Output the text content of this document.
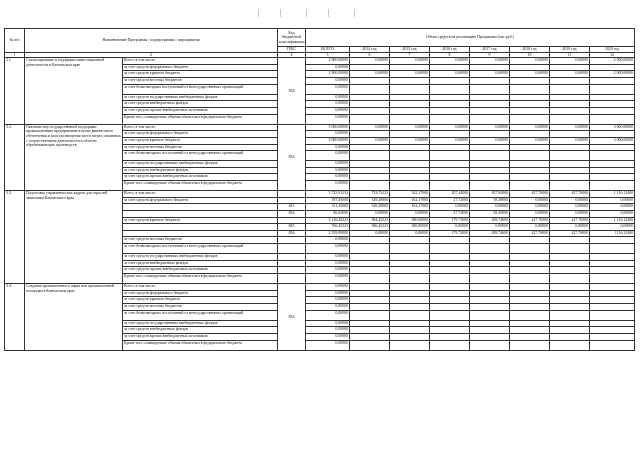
№ п/п	Наименование Программы / подпрограммы / мероприятия		Код бюджетной классификации	Объем средств на реализацию Программы (тыс.руб.)							
			ГРБС	ВСЕГО	2014 год	2015 год	2016 год	2017 год	2018 год	2019 год	2020 год
1	2		4	5	6	7	8	9	10	11	12
3.1.	Стимулирование и поддержка инвестиционной деятельности в Камчатском крае	Всего, в том числе:	854	2 900,00000	0,00000	0,00000	0,00000	0,00000	0,00000	0,00000	2 900,00000
		за счет средств федерального бюджета		0,00000							
		за счет средств краевого бюджета		2 900,00000	0,00000	0,00000	0,00000	0,00000	0,00000	0,00000	2 900,00000
		за счет средств местных бюджетов		0,00000							
		за счет безвозмездных поступлений от негосударственных организаций		0,00000							
		за счет средств государственных внебюджетных фондов		0,00000							
		за счет средств внебюджетных фондов		0,00000							
		за счет средств прочих внебюджетных источников		0,00000							
		Кроме того, планируемые объемы обязательств федерального бюджета		0,00000							
3.2.	Оказание мер государственной поддержки промышленным предприятиям в целях финансового обеспечения и (или) возмещения части затрат, связанных с осуществлением деятельности в области обрабатывающих производств	Всего, в том числе:	854	3 000,00000	0,00000	0,00000	0,00000	0,00000	0,00000	0,00000	3 000,00000
		за счет средств федерального бюджета		0,00000							
		за счет средств краевого бюджета		3 000,00000	0,00000	0,00000	0,00000	0,00000	0,00000	0,00000	3 000,00000
		за счет средств местных бюджетов		0,00000							
		за счет безвозмездных поступлений от негосударственных организаций		0,00000							
		за счет средств государственных внебюджетных фондов		0,00000							
		за счет средств внебюджетных фондов		0,00000							
		за счет средств прочих внебюджетных источников		0,00000							
		Кроме того, планируемые объемы обязательств федерального бюджета		0,00000							
3.3.	Подготовка управленческих кадров для отраслей экономики Камчатского края	Всего, в том числе:		3 725,91233	733,73223	542,17000	207,44000	207,84000	427,70000	427,70000	1 116,12400
		за счет средств федерального бюджета		397,45000	349,28000	162,17000	27,72000	58,38000	0,00000	0,00000	0,00000
			843	311,45000	349,28000	162,17000	0,00000	0,00000	0,00000	0,00000	0,00000
			854	86,02000	0,00000	0,00000	27,72000	58,30000	0,00000	0,00000	0,00000
		за счет средств краевого бюджета		3 126,44223	384,45223	380,00000	179,72000	208,74600	427,70000	427,70000	1 116,12400
			843	766,45223	386,45223	380,00000	0,00000	0,00000	0,00000	0,00000	0,00000
			854	2 359,99000	0,00000	0,00000	179,72000	208,74600	427,70000	427,70000	1116,12400
		за счет средств местных бюджетов		0,00000							
		за счет безвозмездных поступлений от негосударственных организаций		0,00000							
		за счет средств государственных внебюджетных фондов		0,00000							
		за счет средств внебюджетных фондов		0,00000							
		за счет средств прочих внебюджетных источников		0,00000							
		Кроме того, планируемые объемы обязательств федерального бюджета		0,00000							
3.4.	Создание промышленного парка или промышленной площадки в Камчатском крае	Всего, в том числе:	854	0,00000							
		за счет средств федерального бюджета		0,00000							
		за счет средств краевого бюджета		0,00000							
		за счет средств местных бюджетов		0,00000							
		за счет безвозмездных поступлений от негосударственных организаций		0,00000							
		за счет средств государственных внебюджетных фондов		0,00000							
		за счет средств внебюджетных фондов		0,00000							
		за счет средств прочих внебюджетных источников		0,00000							
		Кроме того, планируемые объемы обязательств федерального бюджета		0,00000							
